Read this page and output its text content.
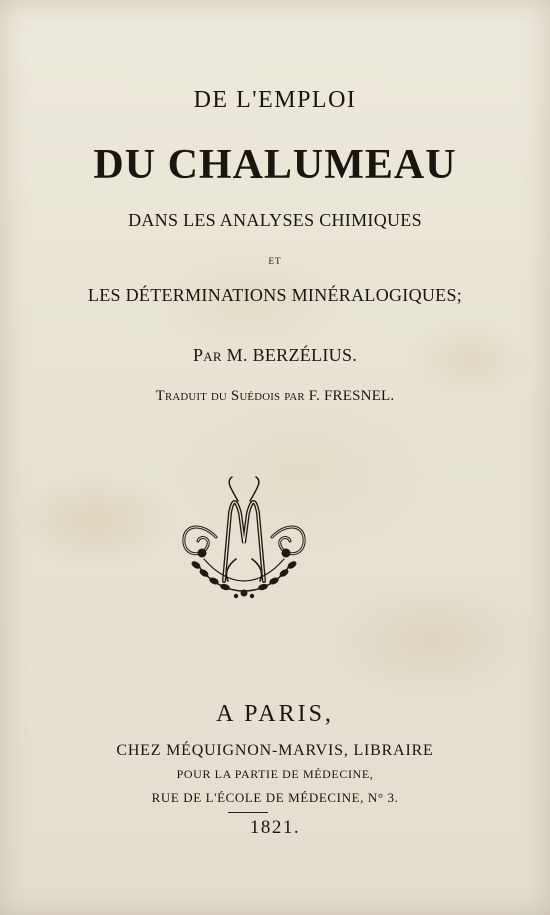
DE L'EMPLOI
DU CHALUMEAU
DANS LES ANALYSES CHIMIQUES
ET
LES DÉTERMINATIONS MINÉRALOGIQUES;
PAR M. BERZÉLIUS.
TRADUIT DU SUÉDOIS PAR F. FRESNEL.
A PARIS,
CHEZ MÉQUIGNON-MARVIS, LIBRAIRE
POUR LA PARTIE DE MÉDECINE,
RUE DE L'ÉCOLE DE MÉDECINE, N° 3.
1821.
